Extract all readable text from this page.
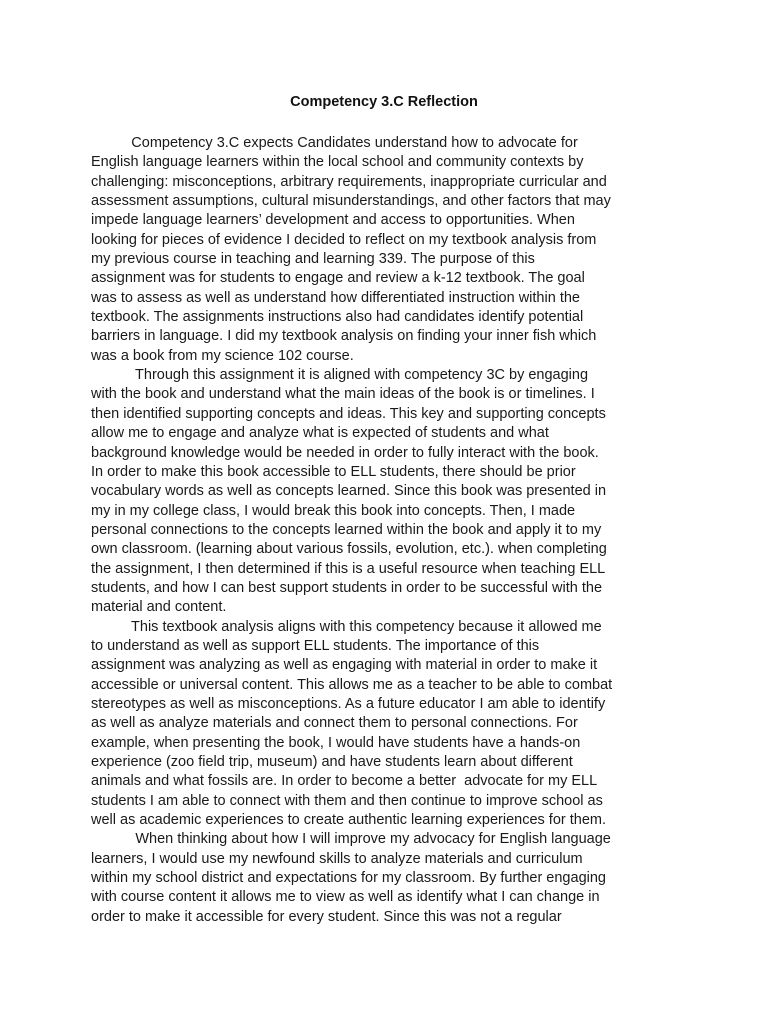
Competency 3.C Reflection
Competency 3.C expects Candidates understand how to advocate for
English language learners within the local school and community contexts by
challenging: misconceptions, arbitrary requirements, inappropriate curricular and
assessment assumptions, cultural misunderstandings, and other factors that may
impede language learners’ development and access to opportunities. When
looking for pieces of evidence I decided to reflect on my textbook analysis from
my previous course in teaching and learning 339. The purpose of this
assignment was for students to engage and review a k-12 textbook. The goal
was to assess as well as understand how differentiated instruction within the
textbook. The assignments instructions also had candidates identify potential
barriers in language. I did my textbook analysis on finding your inner fish which
was a book from my science 102 course.
Through this assignment it is aligned with competency 3C by engaging
with the book and understand what the main ideas of the book is or timelines. I
then identified supporting concepts and ideas. This key and supporting concepts
allow me to engage and analyze what is expected of students and what
background knowledge would be needed in order to fully interact with the book.
In order to make this book accessible to ELL students, there should be prior
vocabulary words as well as concepts learned. Since this book was presented in
my in my college class, I would break this book into concepts. Then, I made
personal connections to the concepts learned within the book and apply it to my
own classroom. (learning about various fossils, evolution, etc.). when completing
the assignment, I then determined if this is a useful resource when teaching ELL
students, and how I can best support students in order to be successful with the
material and content.
This textbook analysis aligns with this competency because it allowed me
to understand as well as support ELL students. The importance of this
assignment was analyzing as well as engaging with material in order to make it
accessible or universal content. This allows me as a teacher to be able to combat
stereotypes as well as misconceptions. As a future educator I am able to identify
as well as analyze materials and connect them to personal connections. For
example, when presenting the book, I would have students have a hands-on
experience (zoo field trip, museum) and have students learn about different
animals and what fossils are. In order to become a better  advocate for my ELL
students I am able to connect with them and then continue to improve school as
well as academic experiences to create authentic learning experiences for them.
When thinking about how I will improve my advocacy for English language
learners, I would use my newfound skills to analyze materials and curriculum
within my school district and expectations for my classroom. By further engaging
with course content it allows me to view as well as identify what I can change in
order to make it accessible for every student. Since this was not a regular
